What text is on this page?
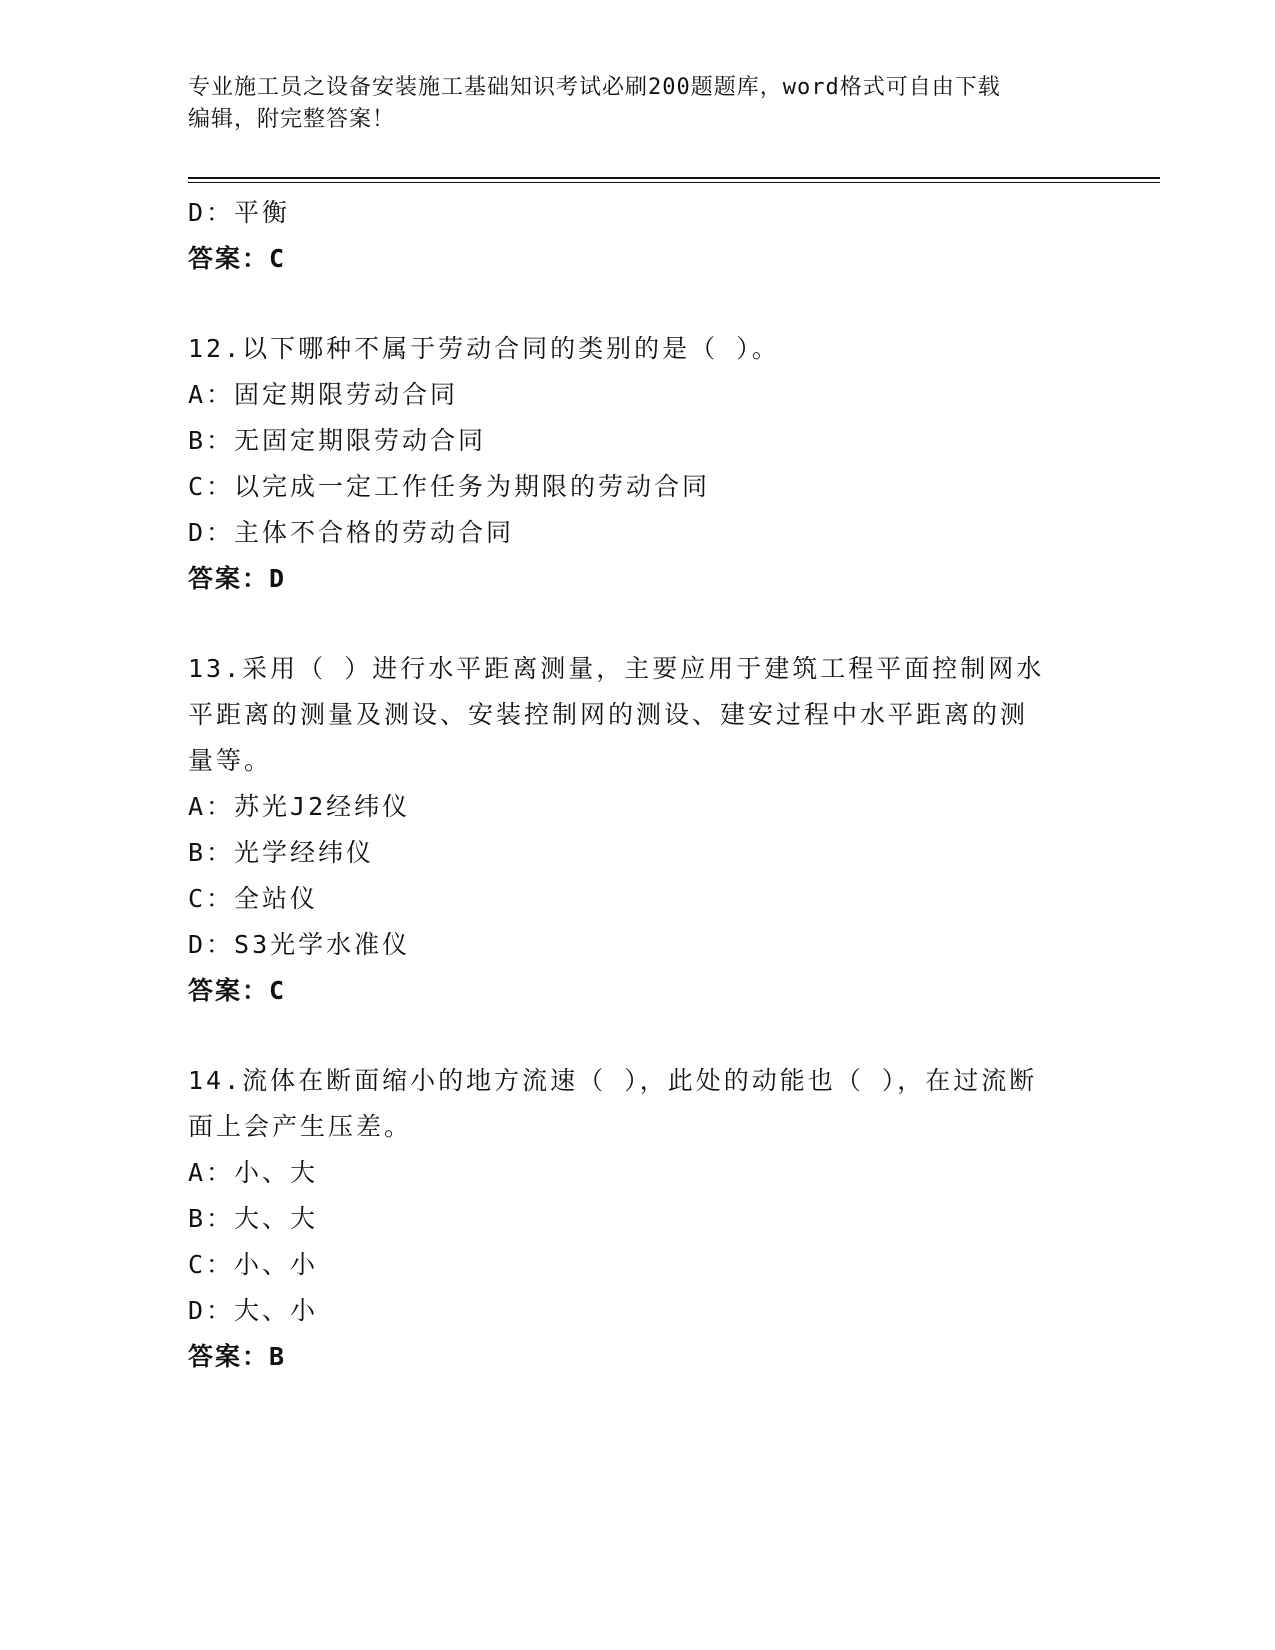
专业施工员之设备安装施工基础知识考试必刷200题题库，word格式可自由下载
编辑，附完整答案！
D：平衡
答案：C
12.以下哪种不属于劳动合同的类别的是（ ）。
A：固定期限劳动合同
B：无固定期限劳动合同
C：以完成一定工作任务为期限的劳动合同
D：主体不合格的劳动合同
答案：D
13.采用（ ）进行水平距离测量，主要应用于建筑工程平面控制网水
平距离的测量及测设、安装控制网的测设、建安过程中水平距离的测
量等。
A：苏光J2经纬仪
B：光学经纬仪
C：全站仪
D：S3光学水准仪
答案：C
14.流体在断面缩小的地方流速（ ），此处的动能也（ ），在过流断
面上会产生压差。
A：小、大
B：大、大
C：小、小
D：大、小
答案：B
